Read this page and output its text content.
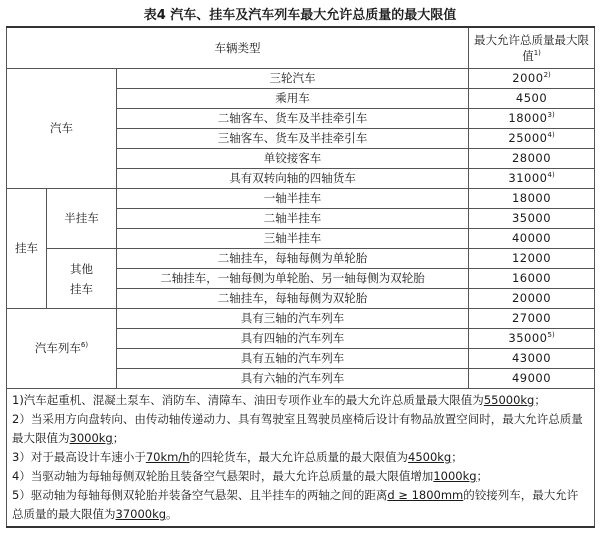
表4 汽车、挂车及汽车列车最大允许总质量的最大限值
车辆类型			最大允许总质量最大限值$^{1)}$
汽车		三轮汽车	2000$^{2)}$
		乘用车	4500
		二轴客车、货车及半挂牵引车	18000$^{3)}$
		三轴客车、货车及半挂牵引车	25000$^{4)}$
		单铰接客车	28000
		具有双转向轴的四轴货车	31000$^{4)}$
挂车	半挂车	一轴半挂车	18000
		二轴半挂车	35000
		三轴半挂车	40000
	其他挂车	二轴挂车，每轴每侧为单轮胎	12000
		二轴挂车，一轴每侧为单轮胎、另一轴每侧为双轮胎	16000
		二轴挂车，每轴每侧为双轮胎	20000
汽车列车$^{6)}$		具有三轴的汽车列车	27000
		具有四轴的汽车列车	35000$^{5)}$
		具有五轴的汽车列车	43000
		具有六轴的汽车列车	49000

1)汽车起重机、混凝土泵车、消防车、清障车、油田专项作业车的最大允许总质量最大限值为55000kg；

2）当采用方向盘转向、由传动轴传递动力、具有驾驶室且驾驶员座椅后设计有物品放置空间时，最大允许总质量最大限值为3000kg；

3）对于最高设计车速小于70km/h的四轮货车，最大允许总质量的最大限值为4500kg；

4）当驱动轴为每轴每侧双轮胎且装备空气悬架时，最大允许总质量的最大限值增加1000kg；

5）驱动轴为每轴每侧双轮胎并装备空气悬架、且半挂车的两轴之间的距离d ≥ 1800mm的铰接列车，最大允许总质量的最大限值为37000kg。			
